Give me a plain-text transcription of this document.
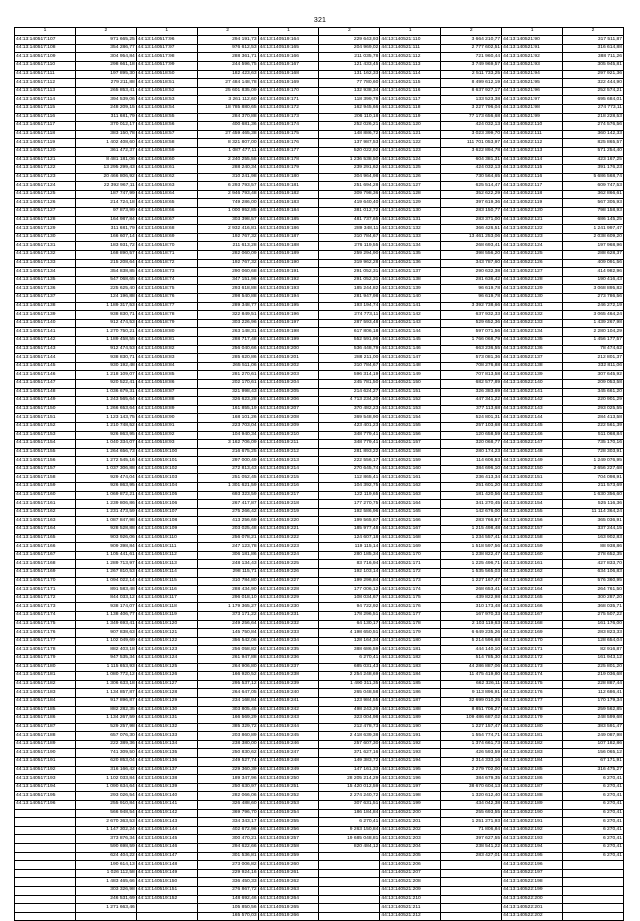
321
1	2	1	2	1	2	1	2	1	2
44:13:140517:107	971 665,25	44:13:140517:96	294 191,73	44:13:140519:164	229 643,93	44:13:140521:110	3 664 210,77	44:13:140521:90	317 511,87
44:13:140517:108	354 286,77	44:13:140517:97	976 612,53	44:13:140519:165	204 969,02	44:13:140521:111	2 777 602,51	44:13:140521:91	316 614,88
44:13:140517:109	304 954,84	44:13:140517:98	288 361,71	44:13:140519:166	211 035,78	44:13:140521:112	721 960,44	44:13:140521:92	388 711,26
44:13:140517:110	298 661,18	44:13:140517:99	244 596,75	44:13:140519:167	121 433,45	44:13:140521:113	3 749 969,57	44:13:140521:93	305 945,81
44:13:140517:111	197 895,30	44:13:140518:50	182 423,63	44:13:140519:168	131 162,33	44:13:140521:114	2 511 733,25	44:13:140521:94	297 921,36
44:13:140517:112	279 211,88	44:13:140518:51	27 484 148,78	44:13:140519:169	77 780,60	44:13:140521:115	8 499 612,19	44:13:140521:95	322 444,90
44:13:140517:113	265 853,41	44:13:140518:52	25 601 835,09	44:13:140519:170	132 938,34	44:13:140521:116	8 637 927,17	44:13:140521:96	252 574,21
44:13:140517:114	394 539,06	44:13:140518:53	3 261 112,60	44:13:140519:171	118 399,78	44:13:140521:117	133 523,38	44:13:140521:97	695 684,01
44:13:140517:115	248 209,15	44:13:140518:54	18 785 880,65	44:13:140519:172	162 945,66	44:13:140521:118	3 227 796,04	44:13:140521:98	274 773,11
44:13:140517:116	311 681,79	44:13:140518:55	284 370,88	44:13:140519:173	206 110,18	44:13:140521:119	77 173 656,68	44:13:140521:99	218 228,53
44:13:140517:117	370 012,17	44:13:140518:56	400 681,36	44:13:140519:174	252 026,21	44:13:140521:120	424 032,13	44:13:140522:110	274 576,56
44:13:140517:118	383 150,78	44:13:140518:57	27 459 465,38	44:13:140519:175	148 886,72	44:13:140521:121	3 023 399,70	44:13:140522:111	360 142,33
44:13:140517:119	1 402 408,60	44:13:140518:58	8 321 807,00	44:13:140519:176	137 987,53	44:13:140521:122	111 701 053,97	44:13:140522:112	825 865,57
44:13:140517:120	361 472,37	44:13:140518:59	1 087 477,11	44:13:140519:177	520 022,92	44:13:140521:123	3 622 894,78	44:13:140522:113	571 254,40
44:13:140517:121	8 481 181,06	44:13:140518:60	2 240 255,55	44:13:140519:178	1 236 538,50	44:13:140521:124	604 381,31	44:13:140522:114	423 167,25
44:13:140517:122	13 295 299,43	44:13:140518:61	288 240,34	44:13:140519:179	239 291,62	44:13:140521:125	424 032,13	44:13:140522:115	391 176,23
44:13:140517:123	20 466 806,92	44:13:140518:62	310 241,98	44:13:140519:180	304 964,98	44:13:140521:126	730 564,65	44:13:140522:116	5 686 568,74
44:13:140517:124	22 392 967,11	44:13:140518:63	6 293 793,57	44:13:140519:181	251 694,28	44:13:140521:127	625 514,47	44:13:140522:117	609 747,53
44:13:140517:125	187 747,99	44:13:140518:64	2 946 793,48	44:13:140519:182	309 798,36	44:13:140521:128	352 622,29	44:13:140522:118	362 866,61
44:13:140517:126	214 724,18	44:13:140518:65	749 286,00	44:13:140519:183	419 640,40	44:13:140521:129	397 619,36	44:13:140522:119	567 305,93
44:13:140517:127	97 873,99	44:13:140518:66	1 000 952,85	44:13:140519:184	381 012,72	44:13:140521:130	283 150,77	44:13:140522:120	798 158,93
44:13:140517:128	164 987,84	44:13:140518:67	303 398,57	44:13:140519:185	481 737,65	44:13:140521:131	283 371,00	44:13:140522:121	686 145,25
44:13:140517:129	311 681,79	44:13:140518:68	2 932 416,81	44:13:140519:186	289 348,11	44:13:140521:132	366 426,51	44:13:140522:122	1 241 997,47
44:13:140517:130	166 607,14	44:13:140518:69	192 767,32	44:13:140519:187	310 784,67	44:13:140521:133	13 461 253,06	44:13:140522:123	2 038 609,20
44:13:140517:131	183 931,72	44:13:140518:70	211 613,28	44:13:140519:188	276 119,55	44:13:140521:134	268 693,41	44:13:140522:124	197 968,96
44:13:140517:132	168 890,57	44:13:140518:71	282 060,09	44:13:140519:189	259 294,90	44:13:140521:135	398 556,20	44:13:140522:125	288 628,37
44:13:140517:133	215 208,64	44:13:140518:72	192 767,32	44:13:140519:190	319 962,28	44:13:140521:136	343 787,60	44:13:140522:126	409 091,56
44:13:140517:134	354 838,85	44:13:140518:73	290 060,68	44:13:140519:191	291 052,31	44:13:140521:137	290 632,38	44:13:140522:127	414 982,96
44:13:140517:135	547 068,65	44:13:140518:74	347 151,96	44:13:140519:192	291 052,31	44:13:140521:138	281 636,42	44:13:140522:128	190 416,43
44:13:140517:136	225 625,40	44:13:140518:75	293 618,88	44:13:140519:193	185 244,82	44:13:140521:139	96 619,78	44:13:140522:129	3 068 895,82
44:13:140517:137	124 196,88	44:13:140518:76	298 540,88	44:13:140519:194	281 947,98	44:13:140521:140	96 619,78	44:13:140522:130	273 786,56
44:13:140517:138	1 189 317,53	44:13:140518:77	289 348,77	44:13:140519:195	193 194,74	44:13:140521:141	3 392 738,66	44:13:140522:131	246 272,19
44:13:140517:139	938 830,71	44:13:140518:78	322 849,51	44:13:140519:196	274 773,11	44:13:140521:142	637 932,33	44:13:140522:132	3 065 464,24
44:13:140517:140	912 474,53	44:13:140518:79	303 226,96	44:13:140519:197	287 593,48	44:13:140521:143	529 652,36	44:13:140522:133	1 439 267,98
44:13:140517:141	1 270 750,21	44:13:140518:80	263 148,31	44:13:140519:198	617 806,18	44:13:140521:144	597 071,56	44:13:140522:134	2 280 104,29
44:13:140517:142	1 189 458,55	44:13:140518:81	288 717,48	44:13:140519:199	552 591,96	44:13:140521:145	1 766 068,79	44:13:140522:135	1 456 177,57
44:13:140517:143	912 474,53	44:13:140518:82	256 040,66	44:13:140519:200	536 448,79	44:13:140521:146	663 236,55	44:13:140522:136	78 474,62
44:13:140517:144	938 830,71	44:13:140518:83	285 620,86	44:13:140519:201	288 211,00	44:13:140521:147	573 081,36	44:13:140522:137	212 801,37
44:13:140517:145	930 192,48	44:13:140518:84	265 511,06	44:13:140519:202	310 784,67	44:13:140521:148	708 276,88	44:13:140522:138	332 811,06
44:13:140517:146	1 218 109,07	44:13:140518:85	281 270,61	44:13:140519:203	596 314,19	44:13:140521:149	707 813,58	44:13:140522:139	307 645,92
44:13:140517:147	920 522,41	44:13:140518:86	202 170,61	44:13:140519:204	245 781,50	44:13:140521:150	682 577,89	44:13:140522:140	209 053,58
44:13:140517:148	1 036 679,31	44:13:140518:87	321 998,43	44:13:140519:205	214 624,27	44:13:140521:151	326 383,69	44:13:140522:141	345 661,20
44:13:140517:149	1 243 565,64	44:13:140518:88	326 623,28	44:13:140519:206	4 713 234,20	44:13:140521:152	447 341,22	44:13:140522:142	220 901,29
44:13:140517:150	1 266 653,64	44:13:140518:89	161 855,19	44:13:140519:207	370 482,23	44:13:140521:153	377 113,68	44:13:140522:143	293 025,55
44:13:140517:151	1 123 143,75	44:13:140518:90	168 101,26	44:13:140519:208	369 548,90	44:13:140521:154	524 801,31	44:13:140522:144	284 413,58
44:13:140517:152	1 210 748,52	44:13:140518:91	223 703,04	44:13:140519:209	423 401,23	44:13:140521:155	257 103,68	44:13:140522:145	222 561,39
44:13:140517:153	926 863,95	44:13:140518:92	104 940,34	44:13:140519:210	348 779,41	44:13:140521:156	120 658,59	44:13:140522:146	511 068,84
44:13:140517:154	1 040 334,07	44:13:140518:93	3 162 706,09	44:13:140519:211	348 779,41	44:13:140521:157	320 068,77	44:13:140522:147	735 170,16
44:13:140517:155	1 264 656,73	44:13:140519:100	216 675,25	44:13:140519:212	281 893,22	44:13:140521:158	280 174,23	44:13:140522:148	728 303,91
44:13:140517:156	1 272 545,16	44:13:140519:101	297 000,49	44:13:140519:213	222 556,17	44:13:140521:159	114 606,53	44:13:140522:149	1 249 076,95
44:13:140517:157	1 037 306,88	44:13:140519:102	272 813,43	44:13:140519:214	270 645,74	44:13:140521:160	384 696,10	44:13:140522:150	2 656 227,68
44:13:140517:158	929 474,04	44:13:140519:103	251 052,45	44:13:140519:215	112 865,41	44:13:140521:161	236 413,34	44:13:140522:151	704 098,91
44:13:140517:159	926 863,95	44:13:140519:104	1 301 621,59	44:13:140519:216	104 392,75	44:13:140521:162	251 601,20	44:13:140522:152	211 573,69
44:13:140517:160	1 069 872,21	44:13:140519:105	693 323,59	44:13:140519:217	122 119,65	44:13:140521:163	181 420,56	44:13:140522:153	1 630 356,60
44:13:140517:161	1 239 806,86	44:13:140519:106	267 417,87	44:13:140519:218	177 270,75	44:13:140521:164	341 270,45	44:13:140522:154	525 116,36
44:13:140517:162	1 231 473,59	44:13:140519:107	275 266,42	44:13:140519:219	192 586,96	44:13:140521:165	142 676,00	44:13:140522:155	11 114 364,24
44:13:140517:163	1 087 847,98	44:13:140519:108	413 256,69	44:13:140519:220	199 565,67	44:13:140521:166	283 766,57	44:13:140522:156	365 036,91
44:13:140517:164	928 528,88	44:13:140519:109	203 025,48	44:13:140519:221	185 977,48	44:13:140521:167	1 215 498,48	44:13:140522:157	337 244,15
44:13:140517:165	903 926,06	44:13:140519:110	256 078,21	44:13:140519:222	124 607,18	44:13:140521:168	1 234 557,41	44:13:140522:158	163 902,83
44:13:140517:166	909 398,84	44:13:140519:111	247 123,78	44:13:140519:223	119 115,14	44:13:140521:169	1 518 597,56	44:13:140522:159	88 938,86
44:13:140517:167	1 105 441,61	44:13:140519:112	306 181,86	44:13:140519:224	280 185,34	44:13:140521:170	1 238 822,47	44:13:140522:160	278 652,35
44:13:140517:168	1 289 713,97	44:13:140519:113	248 134,43	44:13:140519:225	83 716,94	44:13:140521:171	1 225 496,71	44:13:140522:161	427 833,70
44:13:140517:169	1 267 810,53	44:13:140519:114	298 115,71	44:13:140519:226	192 103,14	44:13:140521:172	1 535 565,03	44:13:140522:162	634 106,83
44:13:140517:170	1 094 022,14	44:13:140519:115	310 784,80	44:13:140519:227	199 296,84	44:13:140521:173	1 227 167,47	44:13:140522:163	576 360,95
44:13:140517:171	891 583,48	44:13:140519:116	288 434,90	44:13:140519:228	177 006,12	44:13:140521:174	268 653,41	44:13:140522:164	264 761,50
44:13:140517:172	844 033,12	44:13:140519:117	296 018,10	44:13:140519:229	108 034,67	44:13:140521:175	439 822,98	44:13:140522:165	300 287,20
44:13:140517:173	938 174,07	44:13:140519:118	1 179 365,27	44:13:140519:230	94 722,92	44:13:140521:176	310 173,48	44:13:140522:166	368 035,71
44:13:140517:174	1 138 406,77	44:13:140519:119	373 171,22	44:13:140519:231	178 296,51	44:13:140521:177	167 970,33	44:13:140522:167	275 507,22
44:13:140517:175	1 349 693,41	44:13:140519:120	249 256,64	44:13:140519:232	64 130,17	44:13:140521:178	2 103 119,63	44:13:140522:168	161 176,00
44:13:140517:176	907 838,63	44:13:140519:121	145 750,84	44:13:140519:233	4 198 650,51	44:13:140521:179	6 649 235,26	44:13:140522:169	283 823,33
44:13:140517:177	1 102 049,69	44:13:140519:122	356 542,06	44:13:140519:234	128 164,34	44:13:140521:180	5 214 596,68	44:13:140522:170	128 654,04
44:13:140517:178	882 403,18	44:13:140519:123	256 058,82	44:13:140519:235	388 686,59	44:13:140521:181	444 140,10	44:13:140522:171	82 916,87
44:13:140517:179	947 535,34	44:13:140519:124	261 947,88	44:13:140519:236	6 270,41	44:13:140521:182	514 785,30	44:13:140522:172	161 943,12
44:13:140517:180	1 115 653,93	44:13:140519:125	264 906,80	44:13:140519:237	685 031,43	44:13:140521:183	44 286 887,06	44:13:140522:173	225 801,20
44:13:140517:181	1 080 772,12	44:13:140519:126	166 920,52	44:13:140519:238	2 254 248,69	44:13:140521:184	11 475 419,80	44:13:140522:174	219 036,68
44:13:140517:182	1 306 633,18	44:13:140519:127	295 537,12	44:13:140519:239	1 490 311,35	44:13:140521:185	662 326,11	44:13:140522:175	228 887,44
44:13:140517:183	1 134 857,87	44:13:140519:128	264 647,05	44:13:140519:240	265 048,58	44:13:140521:186	9 113 896,91	44:13:140522:176	112 686,41
44:13:140517:184	917 896,87	44:13:140519:129	234 168,84	44:13:140519:241	123 984,55	44:13:140521:187	32 699 010,25	44:13:140522:177	170 179,34
44:13:140517:185	882 282,35	44:13:140519:130	303 805,45	44:13:140519:242	498 243,26	44:13:140521:188	8 851 706,27	44:13:140522:178	259 562,85
44:13:140517:186	1 134 267,59	44:13:140519:131	166 569,29	44:13:140519:243	323 004,98	44:13:140521:189	109 486 687,02	44:13:140522:179	248 599,68
44:13:140517:187	529 257,98	44:13:140519:132	385 329,72	44:13:140519:244	212 478,73	44:13:140521:190	1 227 157,47	44:13:140522:180	383 591,47
44:13:140517:188	657 076,30	44:13:140519:133	203 860,89	44:13:140519:245	2 418 639,38	44:13:140521:191	1 554 774,71	44:13:140522:181	249 087,98
44:13:140517:189	222 389,36	44:13:140519:134	238 380,00	44:13:140519:246	257 607,30	44:13:140521:192	1 374 661,73	44:13:140522:182	107 182,86
44:13:140517:190	741 309,50	44:13:140519:135	250 830,62	44:13:140519:247	371 627,16	44:13:140521:193	426 593,59	44:13:140522:183	156 065,12
44:13:140517:191	620 853,04	44:13:140519:136	249 527,74	44:13:140519:248	149 383,72	44:13:140521:194	2 314 333,16	44:13:140522:184	67 171,91
44:13:140517:192	316 166,42	44:13:140519:137	229 360,39	44:13:140519:249	147 161,33	44:13:140521:195	2 279 702,00	44:13:140522:185	316 475,27
44:13:140517:193	1 102 033,84	44:13:140519:138	189 347,96	44:13:140519:250	28 205 214,29	44:13:140521:196	384 679,35	44:13:140522:186	6 270,41
44:13:140517:194	1 090 634,64	44:13:140519:139	250 630,97	44:13:140519:251	15 420 012,59	44:13:140521:197	38 670 604,13	44:13:140522:187	6 270,41
44:13:140517:195	293 026,54	44:13:140519:140	282 066,06	44:13:140519:252	2 274 240,72	44:13:140521:198	1 320 612,40	44:13:140522:188	6 270,41
44:13:140517:196	255 910,84	44:13:140519:141	326 488,60	44:13:140519:253	307 631,51	44:13:140521:199	434 042,38	44:13:140522:189	6 270,41
	566 948,54	44:13:140519:142	369 796,70	44:13:140519:254	186 184,84	44:13:140521:200	255 693,55	44:13:140522:190	6 270,41
	2 670 363,53	44:13:140519:143	334 343,17	44:13:140519:255	6 270,41	44:13:140521:201	1 251 271,93	44:13:140522:191	6 270,41
	1 147 302,24	44:13:140519:144	402 672,96	44:13:140519:256	9 263 150,84	44:13:140521:202	71 806,84	44:13:140522:192	6 270,41
	373 876,34	44:13:140519:145	300 470,21	44:13:140519:257	19 685 048,81	44:13:140521:203	397 627,55	44:13:140522:193	6 270,41
	590 698,59	44:13:140519:146	294 622,66	44:13:140519:258	820 484,12	44:13:140521:204	238 541,22	44:13:140522:194	6 270,41
	624 404,22	44:13:140519:147	301 536,81	44:13:140519:259		44:13:140521:205	283 427,01	44:13:140522:195	6 270,41
	190 614,13	44:13:140519:148	273 006,82	44:13:140519:260		44:13:140521:206		44:13:140522:196	
	1 026 112,58	44:13:140519:149	229 924,16	44:13:140519:261		44:13:140521:207		44:13:140522:197	
	1 483 465,66	44:13:140519:150	336 450,33	44:13:140519:262		44:13:140521:208		44:13:140522:198	
	303 326,98	44:13:140519:151	276 867,72	44:13:140519:263		44:13:140521:209		44:13:140522:199	
	246 531,69	44:13:140519:152	148 692,46	44:13:140519:264		44:13:140521:210		44:13:140522:200	
	1 271 663,46		105 850,56	44:13:140519:265		44:13:140521:211		44:13:140522:201	
			165 570,03	44:13:140519:266		44:13:140521:212		44:13:140522:202	
